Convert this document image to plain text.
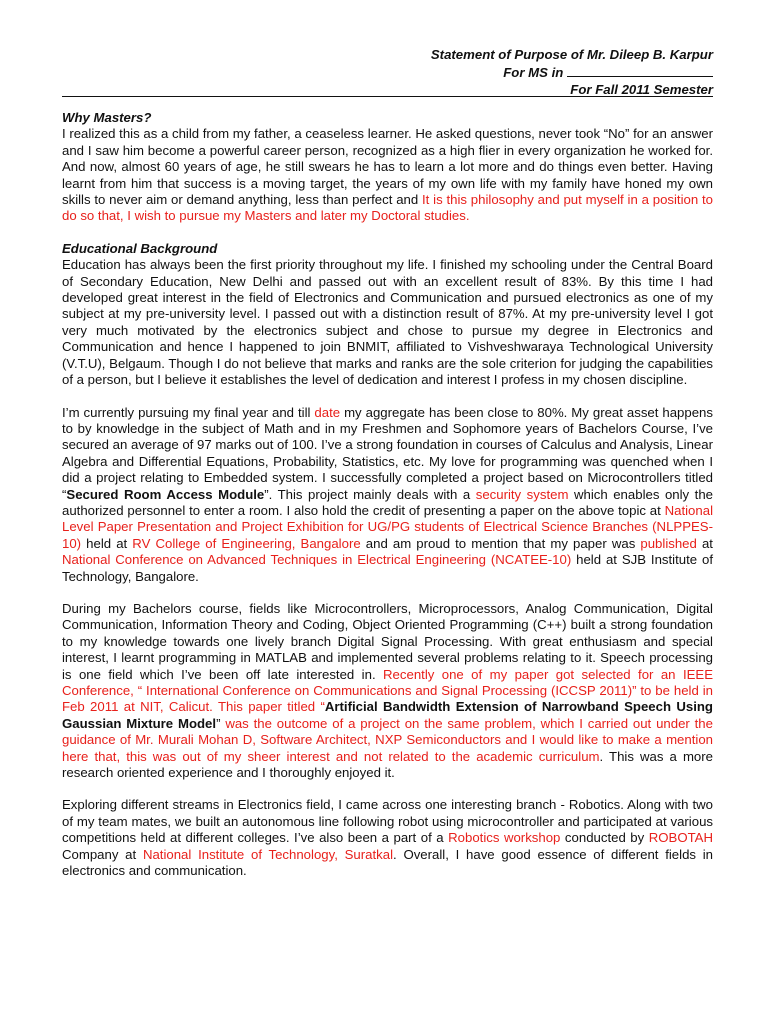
Statement of Purpose of Mr. Dileep B. Karpur
For MS in
For Fall 2011 Semester
Why Masters?

I realized this as a child from my father, a ceaseless learner. He asked questions, never took “No” for an answer and I saw him become a powerful career person, recognized as a high flier in every organization he worked for. And now, almost 60 years of age, he still swears he has to learn a lot more and do things even better. Having learnt from him that success is a moving target, the years of my own life with my family have honed my own skills to never aim or demand anything, less than perfect and It is this philosophy and put myself in a position to do so that, I wish to pursue my Masters and later my Doctoral studies.

Educational Background

Education has always been the first priority throughout my life. I finished my schooling under the Central Board of Secondary Education, New Delhi and passed out with an excellent result of 83%. By this time I had developed great interest in the field of Electronics and Communication and pursued electronics as one of my subject at my pre-university level. I passed out with a distinction result of 87%. At my pre-university level I got very much motivated by the electronics subject and chose to pursue my degree in Electronics and Communication and hence I happened to join BNMIT, affiliated to Vishveshwaraya Technological University (V.T.U), Belgaum. Though I do not believe that marks and ranks are the sole criterion for judging the capabilities of a person, but I believe it establishes the level of dedication and interest I profess in my chosen discipline.

I’m currently pursuing my final year and till date my aggregate has been close to 80%. My great asset happens to by knowledge in the subject of Math and in my Freshmen and Sophomore years of Bachelors Course, I’ve secured an average of 97 marks out of 100. I’ve a strong foundation in courses of Calculus and Analysis, Linear Algebra and Differential Equations, Probability, Statistics, etc. My love for programming was quenched when I did a project relating to Embedded system. I successfully completed a project based on Microcontrollers titled “Secured Room Access Module”. This project mainly deals with a security system which enables only the authorized personnel to enter a room. I also hold the credit of presenting a paper on the above topic at National Level Paper Presentation and Project Exhibition for UG/PG students of Electrical Science Branches (NLPPES-10) held at RV College of Engineering, Bangalore and am proud to mention that my paper was published at National Conference on Advanced Techniques in Electrical Engineering (NCATEE-10) held at SJB Institute of Technology, Bangalore.

During my Bachelors course, fields like Microcontrollers, Microprocessors, Analog Communication, Digital Communication, Information Theory and Coding, Object Oriented Programming (C++) built a strong foundation to my knowledge towards one lively branch Digital Signal Processing. With great enthusiasm and special interest, I learnt programming in MATLAB and implemented several problems relating to it. Speech processing is one field which I’ve been off late interested in. Recently one of my paper got selected for an IEEE Conference, “ International Conference on Communications and Signal Processing (ICCSP 2011)” to be held in Feb 2011 at NIT, Calicut. This paper titled “Artificial Bandwidth Extension of Narrowband Speech Using Gaussian Mixture Model” was the outcome of a project on the same problem, which I carried out under the guidance of Mr. Murali Mohan D, Software Architect, NXP Semiconductors and I would like to make a mention here that, this was out of my sheer interest and not related to the academic curriculum. This was a more research oriented experience and I thoroughly enjoyed it.

Exploring different streams in Electronics field, I came across one interesting branch - Robotics. Along with two of my team mates, we built an autonomous line following robot using microcontroller and participated at various competitions held at different colleges. I’ve also been a part of a Robotics workshop conducted by ROBOTAH Company at National Institute of Technology, Suratkal. Overall, I have good essence of different fields in electronics and communication.
